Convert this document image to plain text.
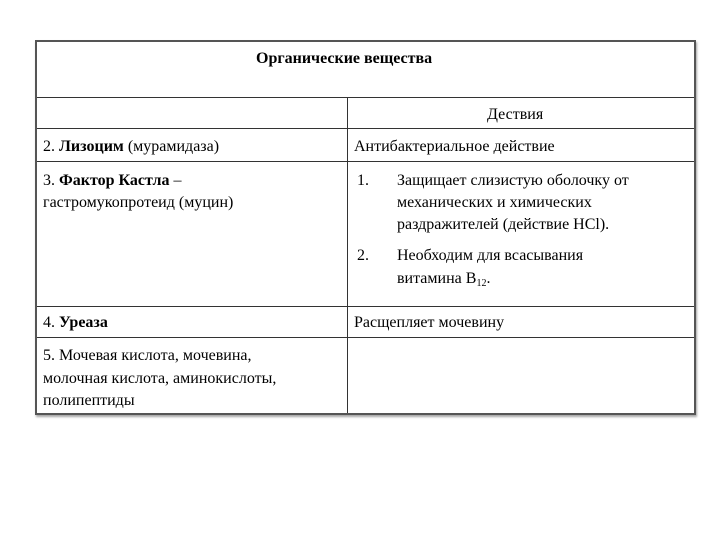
Органические вещества
Дествия
2. Лизоцим (мурамидаза)	Антибактериальное действие
3. Фактор Кастла –
гастромукопротеид (муцин)
1. Защищает слизистую оболочку от
механических и химических
раздражителей (действие HCl).
2. Необходим для всасывания
витамина $В_{12}$.
4. Уреаза	Расщепляет мочевину
5. Мочевая кислота, мочевина,
молочная кислота, аминокислоты,
полипептиды
